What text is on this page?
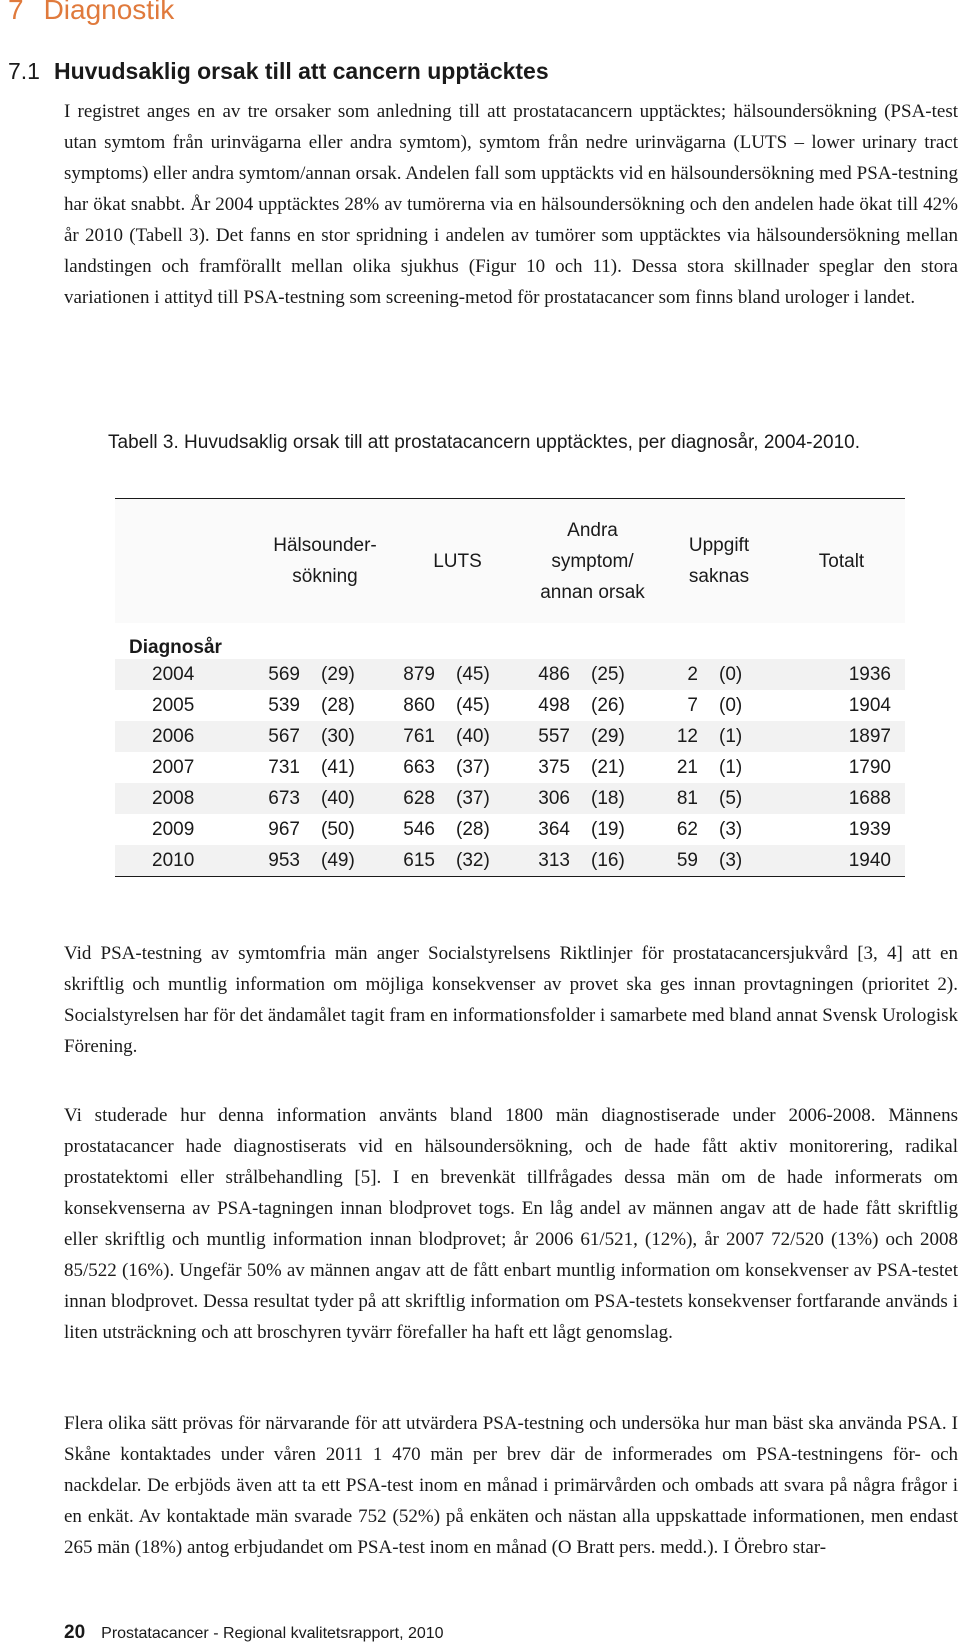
7 Diagnostik
7.1 Huvudsaklig orsak till att cancern upptäcktes

I registret anges en av tre orsaker som anledning till att prostatacancern upptäcktes; hälsoundersökning (PSA-test utan symtom från urinvägarna eller andra symtom), symtom från nedre urinvägarna (LUTS – lower urinary tract symptoms) eller andra symtom/annan orsak. Andelen fall som upptäckts vid en hälsoundersökning med PSA-testning har ökat snabbt. År 2004 upptäcktes 28% av tumörerna via en hälsoundersökning och den andelen hade ökat till 42% år 2010 (Tabell 3). Det fanns en stor spridning i andelen av tumörer som upptäcktes via hälsoundersökning mellan landstingen och framförallt mellan olika sjukhus (Figur 10 och 11). Dessa stora skillnader speglar den stora variationen i attityd till PSA-testning som screening-metod för prostatacancer som finns bland urologer i landet.

Tabell 3. Huvudsaklig orsak till att prostatacancern upptäcktes, per diagnosår, 2004-2010.
	Hälsounder-
sökning		LUTS		Andra
symptom/
annan orsak		Uppgift
saknas		Totalt
Diagnosår									
2004	569	(29)	879	(45)	486	(25)	2	(0)	1936
2005	539	(28)	860	(45)	498	(26)	7	(0)	1904
2006	567	(30)	761	(40)	557	(29)	12	(1)	1897
2007	731	(41)	663	(37)	375	(21)	21	(1)	1790
2008	673	(40)	628	(37)	306	(18)	81	(5)	1688
2009	967	(50)	546	(28)	364	(19)	62	(3)	1939
2010	953	(49)	615	(32)	313	(16)	59	(3)	1940

Vid PSA-testning av symtomfria män anger Socialstyrelsens Riktlinjer för prostatacancersjukvård [3, 4] att en skriftlig och muntlig information om möjliga konsekvenser av provet ska ges innan provtagningen (prioritet 2). Socialstyrelsen har för det ändamålet tagit fram en informationsfolder i samarbete med bland annat Svensk Urologisk Förening.

Vi studerade hur denna information använts bland 1800 män diagnostiserade under 2006-2008. Männens prostatacancer hade diagnostiserats vid en hälsoundersökning, och de hade fått aktiv monitorering, radikal prostatektomi eller strålbehandling [5]. I en brevenkät tillfrågades dessa män om de hade informerats om konsekvenserna av PSA-tagningen innan blodprovet togs. En låg andel av männen angav att de hade fått skriftlig eller skriftlig och muntlig information innan blodprovet; år 2006 61/521, (12%), år 2007 72/520 (13%) och 2008 85/522 (16%). Ungefär 50% av männen angav att de fått enbart muntlig information om konsekvenser av PSA-testet innan blodprovet. Dessa resultat tyder på att skriftlig information om PSA-testets konsekvenser fortfarande används i liten utsträckning och att broschyren tyvärr förefaller ha haft ett lågt genomslag.

Flera olika sätt prövas för närvarande för att utvärdera PSA-testning och undersöka hur man bäst ska använda PSA. I Skåne kontaktades under våren 2011 1 470 män per brev där de informerades om PSA-testningens för- och nackdelar. De erbjöds även att ta ett PSA-test inom en månad i primärvården och ombads att svara på några frågor i en enkät. Av kontaktade män svarade 752 (52%) på enkäten och nästan alla uppskattade informationen, men endast 265 män (18%) antog erbjudandet om PSA-test inom en månad (O Bratt pers. medd.). I Örebro star-

20 Prostatacancer - Regional kvalitetsrapport, 2010
